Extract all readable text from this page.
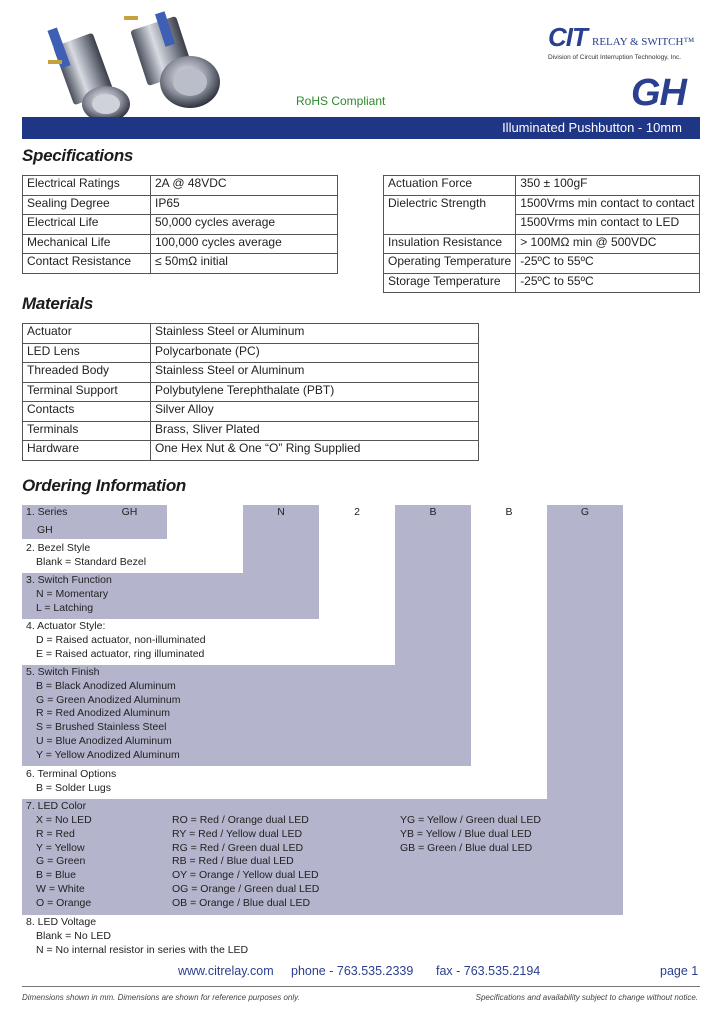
CIT RELAY & SWITCH™
Division of Circuit Interruption Technology, Inc.
GH
RoHS Compliant
Illuminated Pushbutton - 10mm
Specifications
Electrical Ratings	2A @ 48VDC
Sealing Degree	IP65
Electrical Life	50,000 cycles average
Mechanical Life	100,000 cycles average
Contact Resistance	≤ 50mΩ initial
Actuation Force	350 ± 100gF
Dielectric Strength	1500Vrms min contact to contact
	1500Vrms min contact to LED
Insulation Resistance	> 100MΩ min @ 500VDC
Operating Temperature	-25ºC to 55ºC
Storage Temperature	-25ºC to 55ºC
Materials
Actuator	Stainless Steel or Aluminum
LED Lens	Polycarbonate (PC)
Threaded Body	Stainless Steel or Aluminum
Terminal Support	Polybutylene Terephthalate (PBT)
Contacts	Silver Alloy
Terminals	Brass, Sliver Plated
Hardware	One Hex Nut & One “O” Ring Supplied
Ordering Information
1. Series	GH	N	2	B	B	G
GH
2. Bezel Style
Blank = Standard Bezel
3. Switch Function
N = Momentary
L = Latching
4. Actuator Style:
D = Raised actuator, non-illuminated
E = Raised actuator, ring illuminated
5. Switch Finish
B = Black Anodized Aluminum
G = Green Anodized Aluminum
R = Red Anodized Aluminum
S = Brushed Stainless Steel
U = Blue Anodized Aluminum
Y = Yellow Anodized Aluminum
6. Terminal Options
B = Solder Lugs
7. LED Color
X = No LED
R = Red
Y = Yellow
G = Green
B = Blue
W = White
O = Orange
RO = Red / Orange dual LED
RY = Red / Yellow dual LED
RG = Red / Green dual LED
RB = Red / Blue dual LED
OY = Orange / Yellow dual LED
OG = Orange / Green dual LED
OB = Orange / Blue dual LED
YG = Yellow / Green dual LED
YB = Yellow / Blue dual LED
GB = Green / Blue dual LED
8. LED Voltage
Blank = No LED
N = No internal resistor in series with the LED
www.citrelay.com phone - 763.535.2339 fax - 763.535.2194	page 1
Dimensions shown in mm. Dimensions are shown for reference purposes only.	Specifications and availability subject to change without notice.
